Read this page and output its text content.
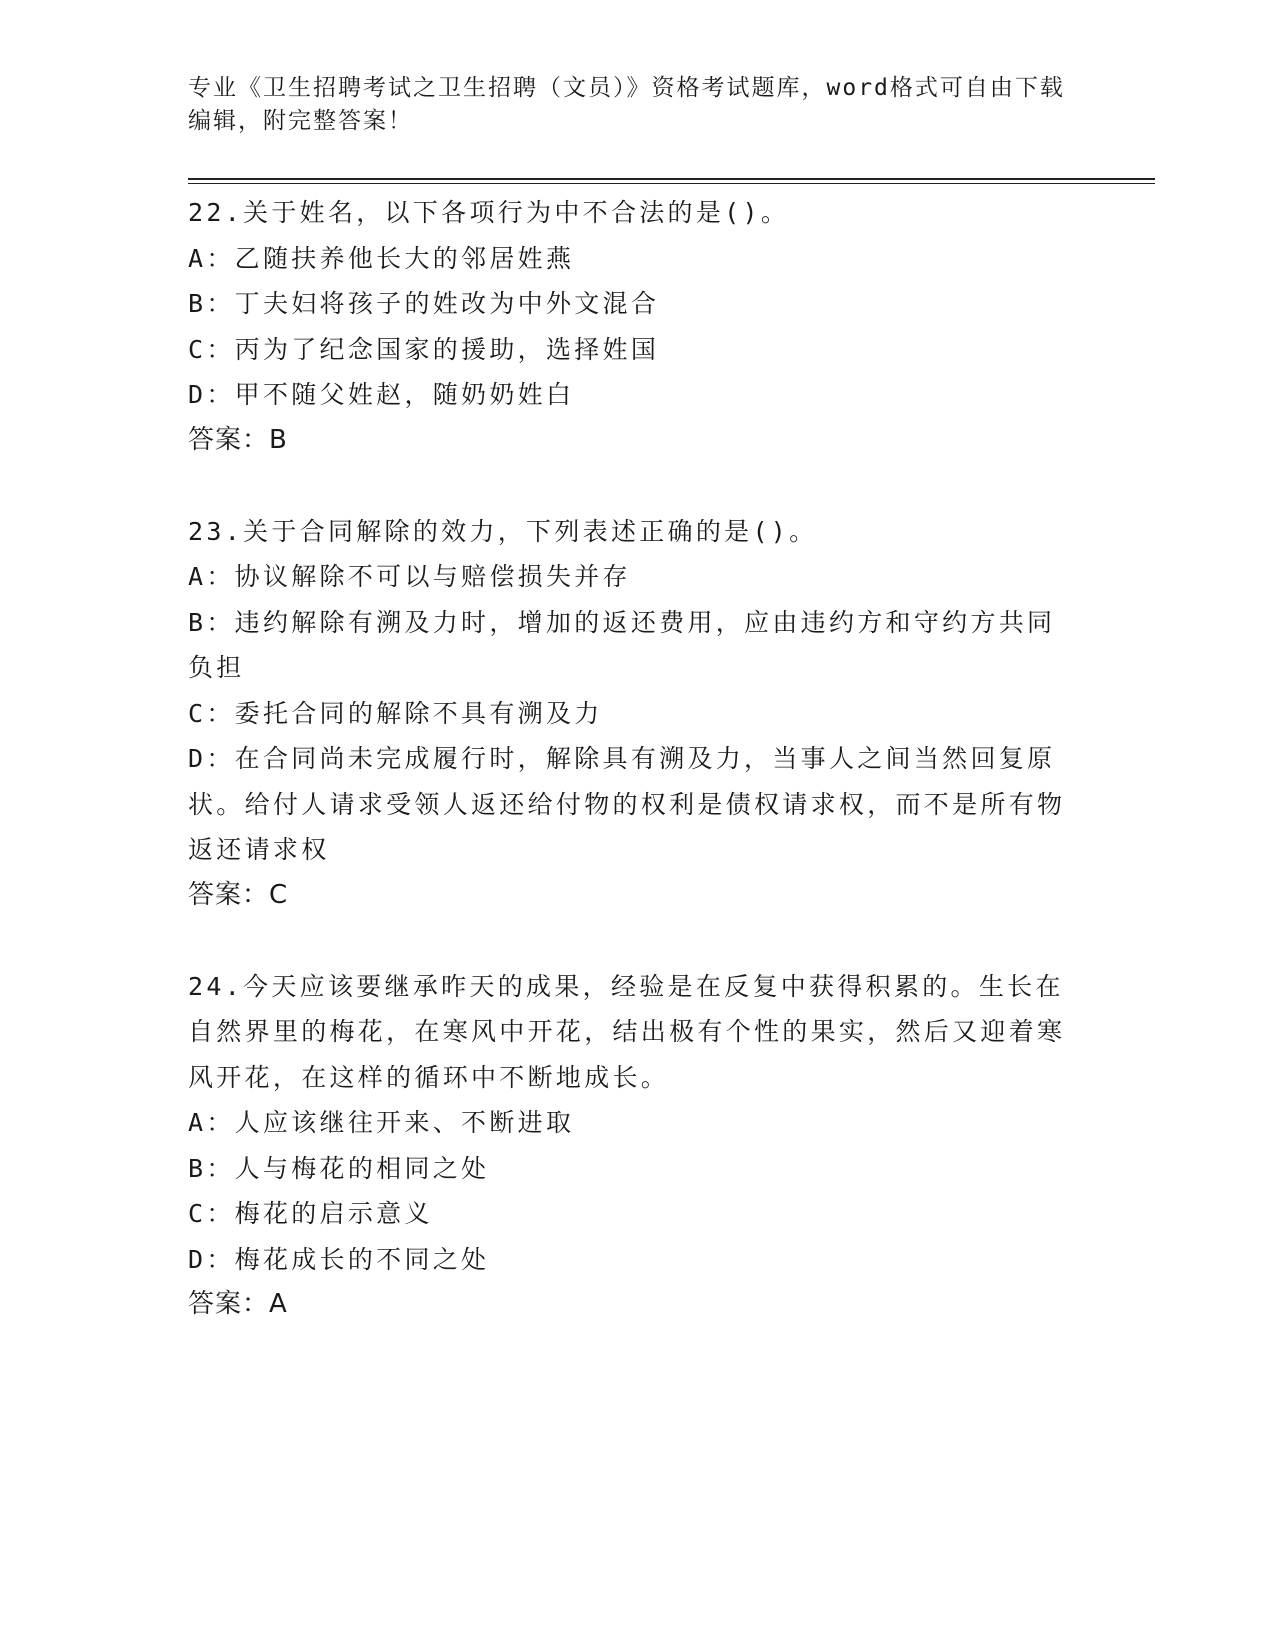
专业《卫生招聘考试之卫生招聘（文员）》资格考试题库，word格式可自由下载编辑，附完整答案！
22.关于姓名，以下各项行为中不合法的是()。
A：乙随扶养他长大的邻居姓燕
B：丁夫妇将孩子的姓改为中外文混合
C：丙为了纪念国家的援助，选择姓国
D：甲不随父姓赵，随奶奶姓白
答案：B
23.关于合同解除的效力，下列表述正确的是()。
A：协议解除不可以与赔偿损失并存
B：违约解除有溯及力时，增加的返还费用，应由违约方和守约方共同负担
C：委托合同的解除不具有溯及力
D：在合同尚未完成履行时，解除具有溯及力，当事人之间当然回复原状。给付人请求受领人返还给付物的权利是债权请求权，而不是所有物返还请求权
答案：C
24.今天应该要继承昨天的成果，经验是在反复中获得积累的。生长在自然界里的梅花，在寒风中开花，结出极有个性的果实，然后又迎着寒风开花，在这样的循环中不断地成长。
A：人应该继往开来、不断进取
B：人与梅花的相同之处
C：梅花的启示意义
D：梅花成长的不同之处
答案：A
